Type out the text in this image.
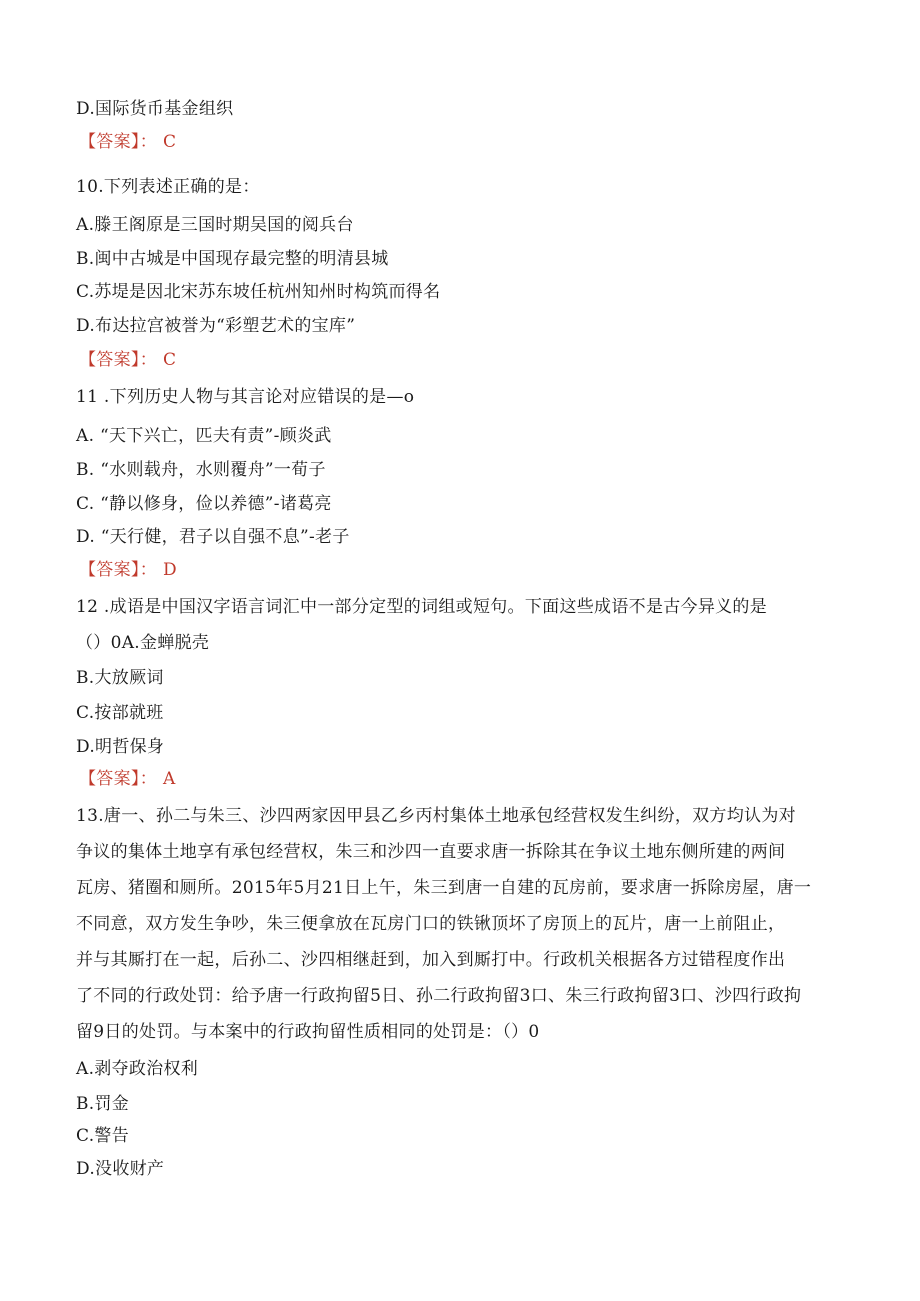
D.国际货币基金组织
【答案】： C
10.下列表述正确的是：
A.滕王阁原是三国时期吴国的阅兵台
B.闽中古城是中国现存最完整的明清县城
C.苏堤是因北宋苏东坡任杭州知州时构筑而得名
D.布达拉宫被誉为“彩塑艺术的宝库”
【答案】： C
11 .下列历史人物与其言论对应错误的是—o
A. “天下兴亡，匹夫有责”-顾炎武
B. “水则载舟，水则覆舟”一荀子
C. “静以修身，俭以养德”-诸葛亮
D. “天行健，君子以自强不息”-老子
【答案】： D
12 .成语是中国汉字语言词汇中一部分定型的词组或短句。下面这些成语不是古今异义的是
（）0A.金蝉脱壳
B.大放厥词
C.按部就班
D.明哲保身
【答案】： A
13.唐一、孙二与朱三、沙四两家因甲县乙乡丙村集体土地承包经营权发生纠纷，双方均认为对
争议的集体土地享有承包经营权，朱三和沙四一直要求唐一拆除其在争议土地东侧所建的两间
瓦房、猪圈和厕所。2015年5月21日上午，朱三到唐一自建的瓦房前，要求唐一拆除房屋，唐一
不同意，双方发生争吵，朱三便拿放在瓦房门口的铁锹顶坏了房顶上的瓦片，唐一上前阻止，
并与其厮打在一起，后孙二、沙四相继赶到，加入到厮打中。行政机关根据各方过错程度作出
了不同的行政处罚：给予唐一行政拘留5日、孙二行政拘留3口、朱三行政拘留3口、沙四行政拘
留9日的处罚。与本案中的行政拘留性质相同的处罚是：（）0
A.剥夺政治权利
B.罚金
C.警告
D.没收财产
